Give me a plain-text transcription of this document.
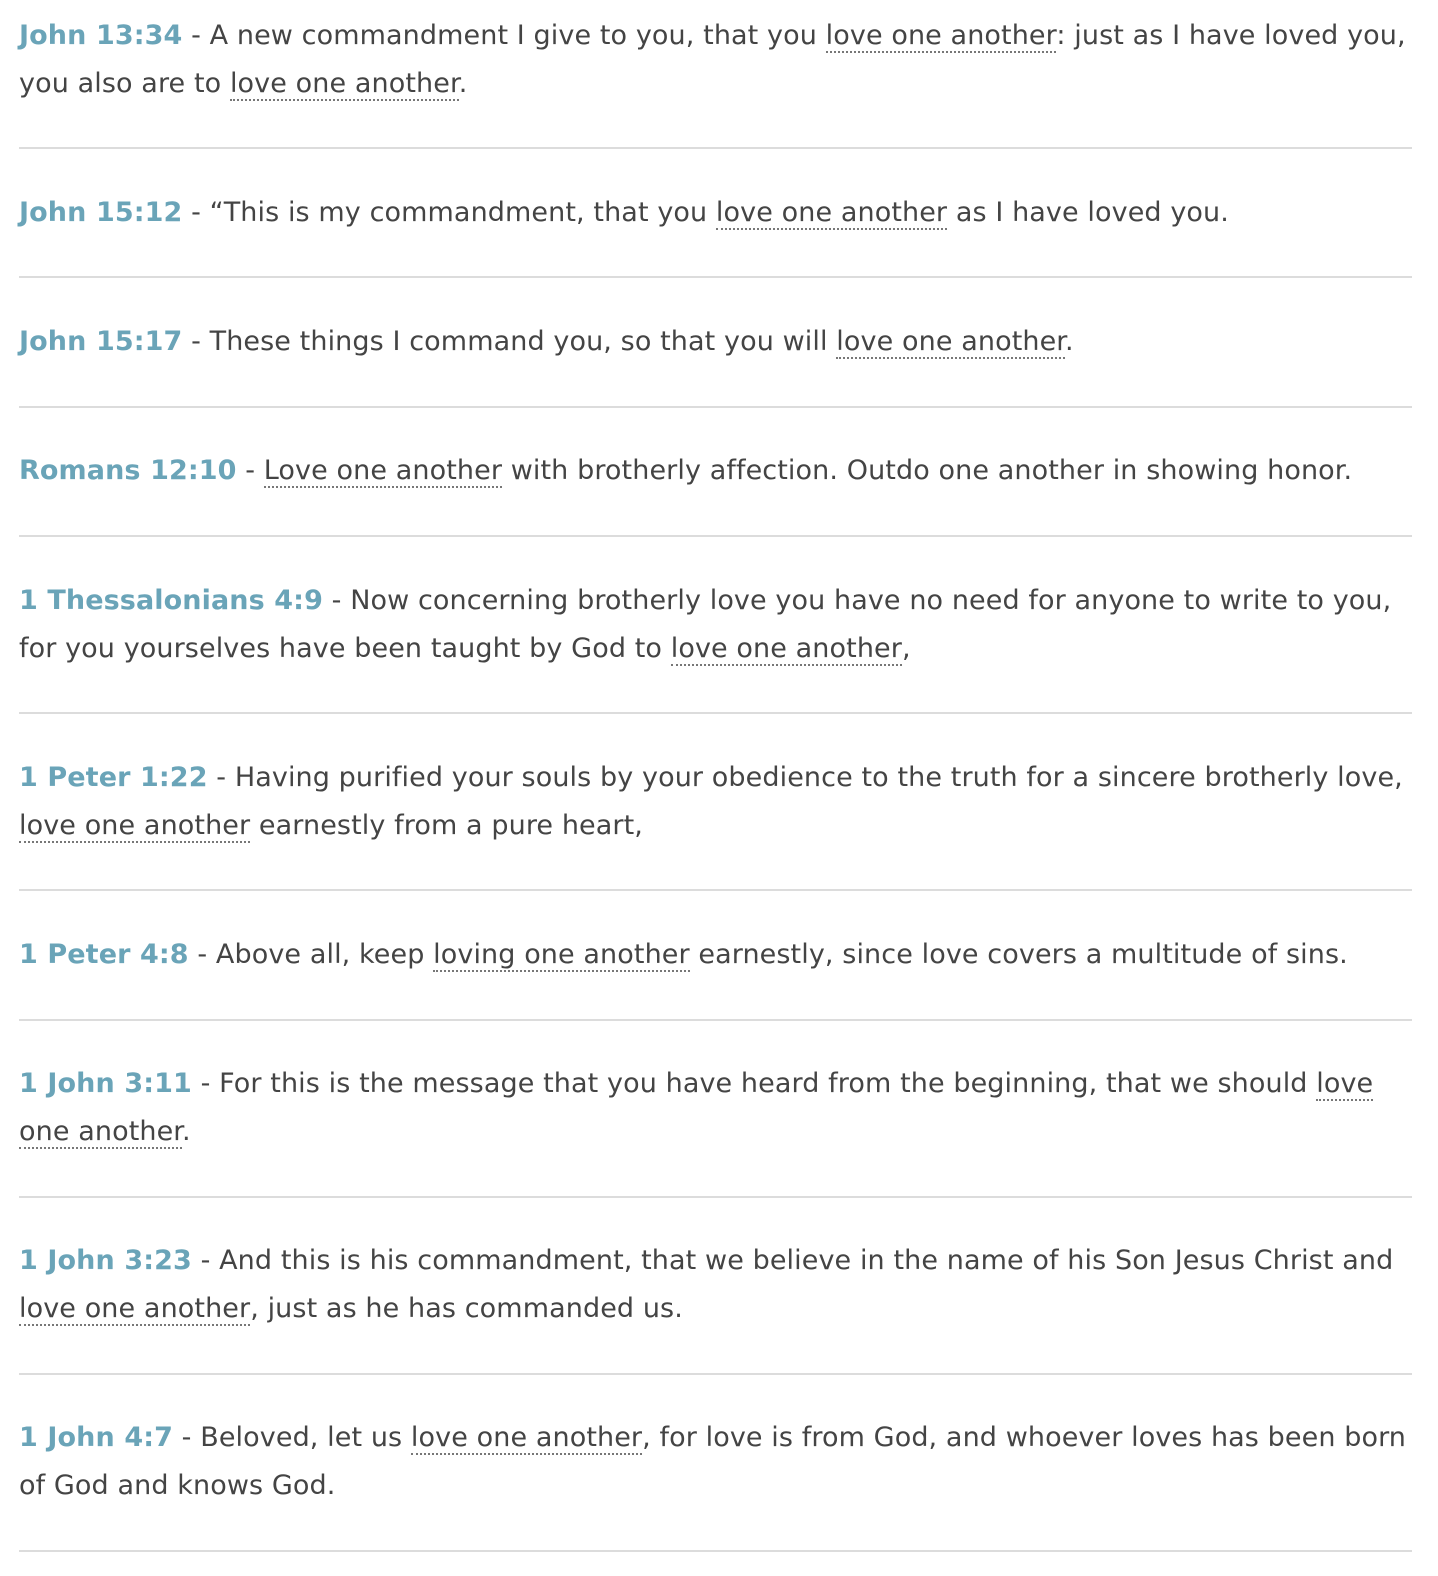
John 13:34 - A new commandment I give to you, that you love one another: just as I have loved you, you also are to love one another.
John 15:12 - “This is my commandment, that you love one another as I have loved you.
John 15:17 - These things I command you, so that you will love one another.
Romans 12:10 - Love one another with brotherly affection. Outdo one another in showing honor.
1 Thessalonians 4:9 - Now concerning brotherly love you have no need for anyone to write to you, for you yourselves have been taught by God to love one another,
1 Peter 1:22 - Having purified your souls by your obedience to the truth for a sincere brotherly love, love one another earnestly from a pure heart,
1 Peter 4:8 - Above all, keep loving one another earnestly, since love covers a multitude of sins.
1 John 3:11 - For this is the message that you have heard from the beginning, that we should love one another.
1 John 3:23 - And this is his commandment, that we believe in the name of his Son Jesus Christ and love one another, just as he has commanded us.
1 John 4:7 - Beloved, let us love one another, for love is from God, and whoever loves has been born of God and knows God.
